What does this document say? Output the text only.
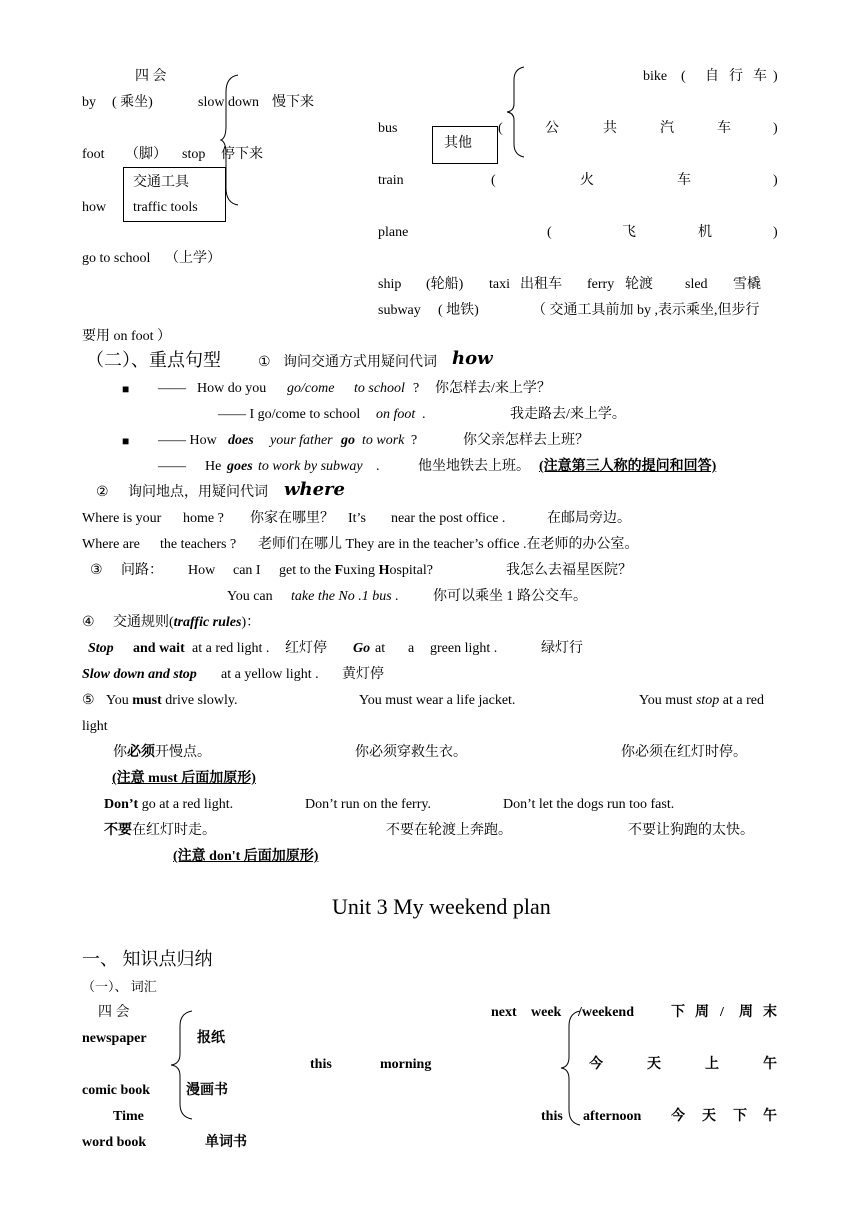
四 会
by ( 乘坐)	slow down 慢下来
foot （脚） stop 停下来
交通工具
traffic tools
how
go to school （上学）
bike ( 自 行 车 )
bus
其他
(	公	共	汽	车	)
train	(	火	车	)
plane	(	飞	机	)
ship (轮船) taxi 出租车 ferry 轮渡 sled 雪橇
subway ( 地铁)	（ 交通工具前加 by ,表示乘坐,但步行
要用 on foot ）
（二）、重点句型	① 询问交通方式用疑问代词 how
■ —— How do you go/come to school ? 你怎样去/来上学？
—— I go/come to school on foot .	我走路去/来上学。
■ —— How does your father go to work ?	你父亲怎样去上班？
—— He goes to work by subway .	他坐地铁去上班。 (注意第三人称的提问和回答)
② 询问地点，用疑问代词 where
Where is your home ? 你家在哪里？ It’s near the post office .	在邮局旁边。
Where are the teachers ? 老师们在哪儿 They are in the teacher’s office .在老师的办公室。
③ 问路： How can I get to the Fuxing Hospital?	我怎么去福星医院？
You can take the No .1 bus . 你可以乘坐 1 路公交车。
④ 交通规则(traffic rules)：
Stop and wait at a red light . 红灯停 Go at a green light .	绿灯行
Slow down and stop at a yellow light . 黄灯停
⑤ You must drive slowly.	You must wear a life jacket.	You must stop at a red
light
你必须开慢点。	你必须穿救生衣。	你必须在红灯时停。
(注意 must 后面加原形)
Don’t go at a red light.	Don’t run on the ferry.	Don’t let the dogs run too fast.
不要在红灯时走。	不要在轮渡上奔跑。	不要让狗跑的太快。
(注意 don't 后面加原形)
Unit 3 My weekend plan
一、 知识点归纳
（一）、 词汇
四 会	next week /weekend	下 周 / 周 末
newspaper	报纸
this	morning	今	天	上	午
comic book	漫画书
Time	this afternoon 今 天 下 午
word book	单词书
